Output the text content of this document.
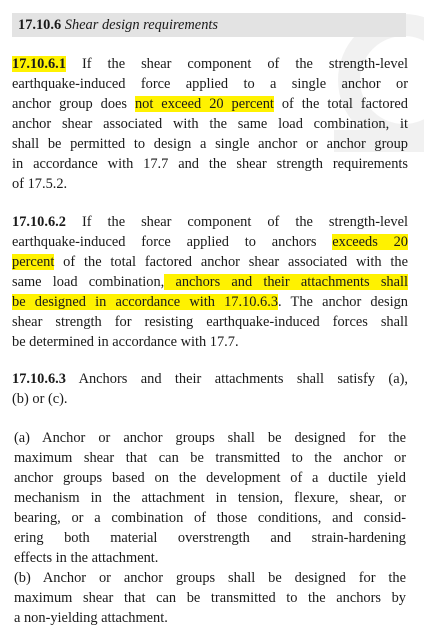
17.10.6 Shear design requirements
17.10.6.1 If the shear component of the strength-level
earthquake-induced force applied to a single anchor or
anchor group does not exceed 20 percent of the total factored
anchor shear associated with the same load combination, it
shall be permitted to design a single anchor or anchor group
in accordance with 17.7 and the shear strength requirements
of 17.5.2.
17.10.6.2 If the shear component of the strength-level
earthquake-induced force applied to anchors exceeds 20
percent of the total factored anchor shear associated with the
same load combination, anchors and their attachments shall
be designed in accordance with 17.10.6.3. The anchor design
shear strength for resisting earthquake-induced forces shall
be determined in accordance with 17.7.
17.10.6.3 Anchors and their attachments shall satisfy (a),
(b) or (c).
(a) Anchor or anchor groups shall be designed for the
maximum shear that can be transmitted to the anchor or
anchor groups based on the development of a ductile yield
mechanism in the attachment in tension, flexure, shear, or
bearing, or a combination of those conditions, and consid-
ering both material overstrength and strain-hardening
effects in the attachment.
(b) Anchor or anchor groups shall be designed for the
maximum shear that can be transmitted to the anchors by
a non-yielding attachment.
